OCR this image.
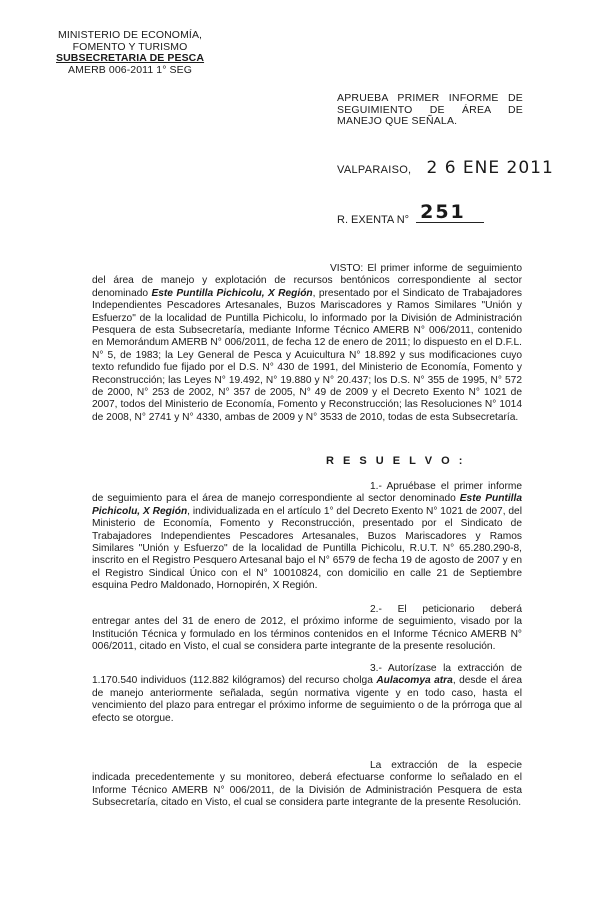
MINISTERIO DE ECONOMÍA,
FOMENTO Y TURISMO
SUBSECRETARIA DE PESCA
AMERB 006-2011 1° SEG
APRUEBA PRIMER INFORME DE SEGUIMIENTO DE ÁREA DE MANEJO QUE SEÑALA.
VALPARAISO, 2 6 ENE 2011
R. EXENTA N° 251
VISTO: El primer informe de seguimiento del área de manejo y explotación de recursos bentónicos correspondiente al sector denominado Este Puntilla Pichicolu, X Región, presentado por el Sindicato de Trabajadores Independientes Pescadores Artesanales, Buzos Mariscadores y Ramos Similares "Unión y Esfuerzo" de la localidad de Puntilla Pichicolu, lo informado por la División de Administración Pesquera de esta Subsecretaría, mediante Informe Técnico AMERB N° 006/2011, contenido en Memorándum AMERB N° 006/2011, de fecha 12 de enero de 2011; lo dispuesto en el D.F.L. N° 5, de 1983; la Ley General de Pesca y Acuicultura N° 18.892 y sus modificaciones cuyo texto refundido fue fijado por el D.S. N° 430 de 1991, del Ministerio de Economía, Fomento y Reconstrucción; las Leyes N° 19.492, N° 19.880 y N° 20.437; los D.S. N° 355 de 1995, N° 572 de 2000, N° 253 de 2002, N° 357 de 2005, N° 49 de 2009 y el Decreto Exento N° 1021 de 2007, todos del Ministerio de Economía, Fomento y Reconstrucción; las Resoluciones N° 1014 de 2008, N° 2741 y N° 4330, ambas de 2009 y N° 3533 de 2010, todas de esta Subsecretaría.
R E S U E L V O :
1.- Apruébase el primer informe de seguimiento para el área de manejo correspondiente al sector denominado Este Puntilla Pichicolu, X Región, individualizada en el artículo 1° del Decreto Exento N° 1021 de 2007, del Ministerio de Economía, Fomento y Reconstrucción, presentado por el Sindicato de Trabajadores Independientes Pescadores Artesanales, Buzos Mariscadores y Ramos Similares "Unión y Esfuerzo" de la localidad de Puntilla Pichicolu, R.U.T. N° 65.280.290-8, inscrito en el Registro Pesquero Artesanal bajo el N° 6579 de fecha 19 de agosto de 2007 y en el Registro Sindical Único con el N° 10010824, con domicilio en calle 21 de Septiembre esquina Pedro Maldonado, Hornopirén, X Región.
2.- El peticionario deberá entregar antes del 31 de enero de 2012, el próximo informe de seguimiento, visado por la Institución Técnica y formulado en los términos contenidos en el Informe Técnico AMERB N° 006/2011, citado en Visto, el cual se considera parte integrante de la presente resolución.
3.- Autorízase la extracción de 1.170.540 individuos (112.882 kilógramos) del recurso cholga Aulacomya atra, desde el área de manejo anteriormente señalada, según normativa vigente y en todo caso, hasta el vencimiento del plazo para entregar el próximo informe de seguimiento o de la prórroga que al efecto se otorgue.
La extracción de la especie indicada precedentemente y su monitoreo, deberá efectuarse conforme lo señalado en el Informe Técnico AMERB N° 006/2011, de la División de Administración Pesquera de esta Subsecretaría, citado en Visto, el cual se considera parte integrante de la presente Resolución.
